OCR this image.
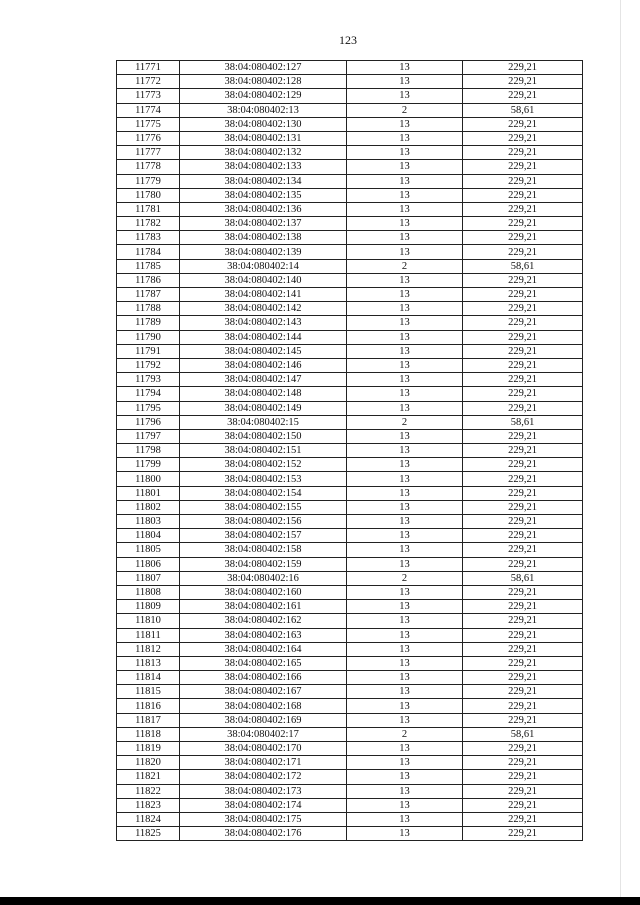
123
11771	38:04:080402:127	13	229,21
11772	38:04:080402:128	13	229,21
11773	38:04:080402:129	13	229,21
11774	38:04:080402:13	2	58,61
11775	38:04:080402:130	13	229,21
11776	38:04:080402:131	13	229,21
11777	38:04:080402:132	13	229,21
11778	38:04:080402:133	13	229,21
11779	38:04:080402:134	13	229,21
11780	38:04:080402:135	13	229,21
11781	38:04:080402:136	13	229,21
11782	38:04:080402:137	13	229,21
11783	38:04:080402:138	13	229,21
11784	38:04:080402:139	13	229,21
11785	38:04:080402:14	2	58,61
11786	38:04:080402:140	13	229,21
11787	38:04:080402:141	13	229,21
11788	38:04:080402:142	13	229,21
11789	38:04:080402:143	13	229,21
11790	38:04:080402:144	13	229,21
11791	38:04:080402:145	13	229,21
11792	38:04:080402:146	13	229,21
11793	38:04:080402:147	13	229,21
11794	38:04:080402:148	13	229,21
11795	38:04:080402:149	13	229,21
11796	38:04:080402:15	2	58,61
11797	38:04:080402:150	13	229,21
11798	38:04:080402:151	13	229,21
11799	38:04:080402:152	13	229,21
11800	38:04:080402:153	13	229,21
11801	38:04:080402:154	13	229,21
11802	38:04:080402:155	13	229,21
11803	38:04:080402:156	13	229,21
11804	38:04:080402:157	13	229,21
11805	38:04:080402:158	13	229,21
11806	38:04:080402:159	13	229,21
11807	38:04:080402:16	2	58,61
11808	38:04:080402:160	13	229,21
11809	38:04:080402:161	13	229,21
11810	38:04:080402:162	13	229,21
11811	38:04:080402:163	13	229,21
11812	38:04:080402:164	13	229,21
11813	38:04:080402:165	13	229,21
11814	38:04:080402:166	13	229,21
11815	38:04:080402:167	13	229,21
11816	38:04:080402:168	13	229,21
11817	38:04:080402:169	13	229,21
11818	38:04:080402:17	2	58,61
11819	38:04:080402:170	13	229,21
11820	38:04:080402:171	13	229,21
11821	38:04:080402:172	13	229,21
11822	38:04:080402:173	13	229,21
11823	38:04:080402:174	13	229,21
11824	38:04:080402:175	13	229,21
11825	38:04:080402:176	13	229,21
